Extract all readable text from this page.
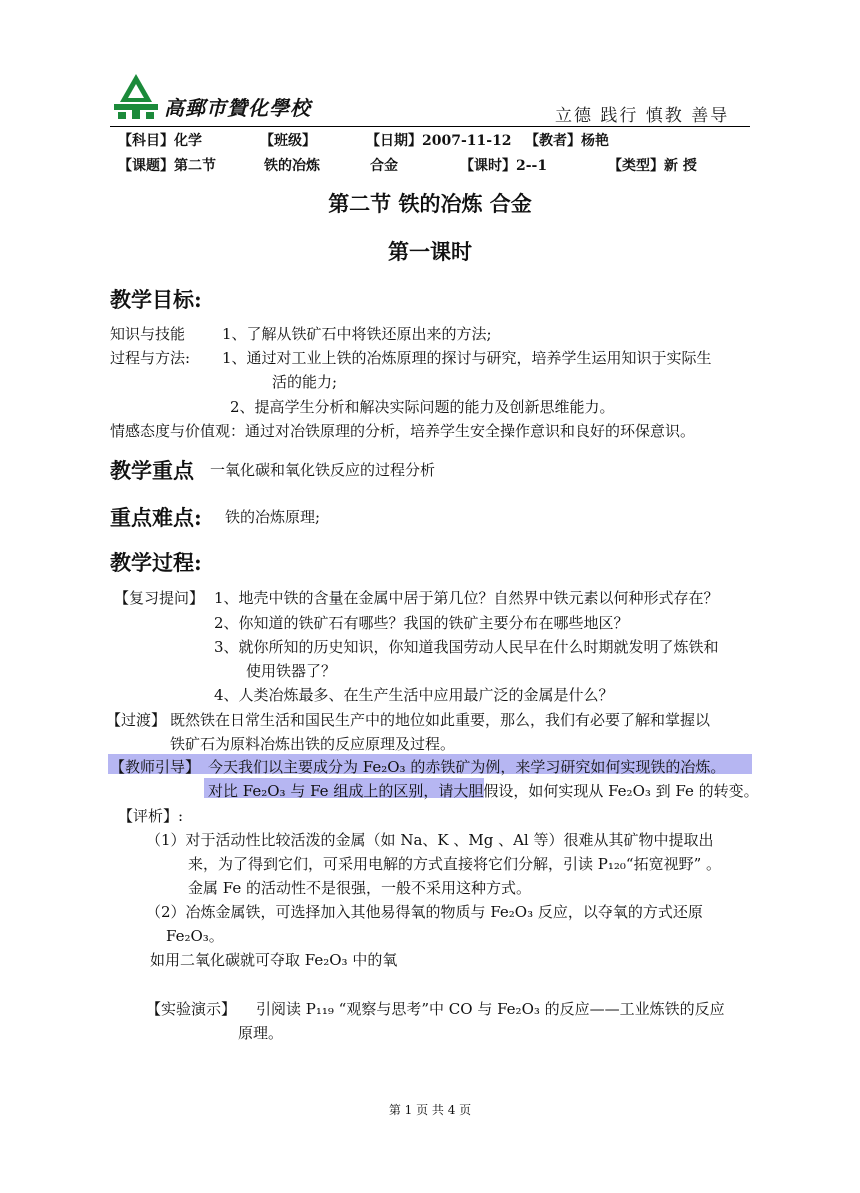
高郵市贊化學校	立德 践行 慎教 善导
【科目】化学	【班级】	【日期】2007-11-12 【教者】杨艳
【课题】第二节	铁的冶炼	合金	【课时】2--1	【类型】新 授
第二节 铁的冶炼 合金
第一课时
教学目标:
知识与技能 1、了解从铁矿石中将铁还原出来的方法;
过程与方法: 1、通过对工业上铁的冶炼原理的探讨与研究，培养学生运用知识于实际生
活的能力;
2、提高学生分析和解决实际问题的能力及创新思维能力。
情感态度与价值观：通过对冶铁原理的分析，培养学生安全操作意识和良好的环保意识。
教学重点 一氧化碳和氧化铁反应的过程分析
重点难点: 铁的冶炼原理;
教学过程:
【复习提问】 1、地壳中铁的含量在金属中居于第几位？自然界中铁元素以何种形式存在？
2、你知道的铁矿石有哪些？我国的铁矿主要分布在哪些地区？
3、就你所知的历史知识，你知道我国劳动人民早在什么时期就发明了炼铁和
使用铁器了？
4、人类冶炼最多、在生产生活中应用最广泛的金属是什么？
【过渡】 既然铁在日常生活和国民生产中的地位如此重要，那么，我们有必要了解和掌握以
铁矿石为原料冶炼出铁的反应原理及过程。
【教师引导】 今天我们以主要成分为 Fe₂O₃ 的赤铁矿为例，来学习研究如何实现铁的冶炼。
对比 Fe₂O₃ 与 Fe 组成上的区别，请大胆假设，如何实现从 Fe₂O₃ 到 Fe 的转变。
【评析】:
（1）对于活动性比较活泼的金属（如 Na、K 、Mg 、Al 等）很难从其矿物中提取出
来，为了得到它们，可采用电解的方式直接将它们分解，引读 P₁₂₀“拓宽视野” 。
金属 Fe 的活动性不是很强，一般不采用这种方式。
（2）冶炼金属铁，可选择加入其他易得氧的物质与 Fe₂O₃ 反应，以夺氧的方式还原
Fe₂O₃。
如用二氧化碳就可夺取 Fe₂O₃ 中的氧
【实验演示】 引阅读 P₁₁₉ “观察与思考”中 CO 与 Fe₂O₃ 的反应——工业炼铁的反应
原理。
第 1 页 共 4 页
